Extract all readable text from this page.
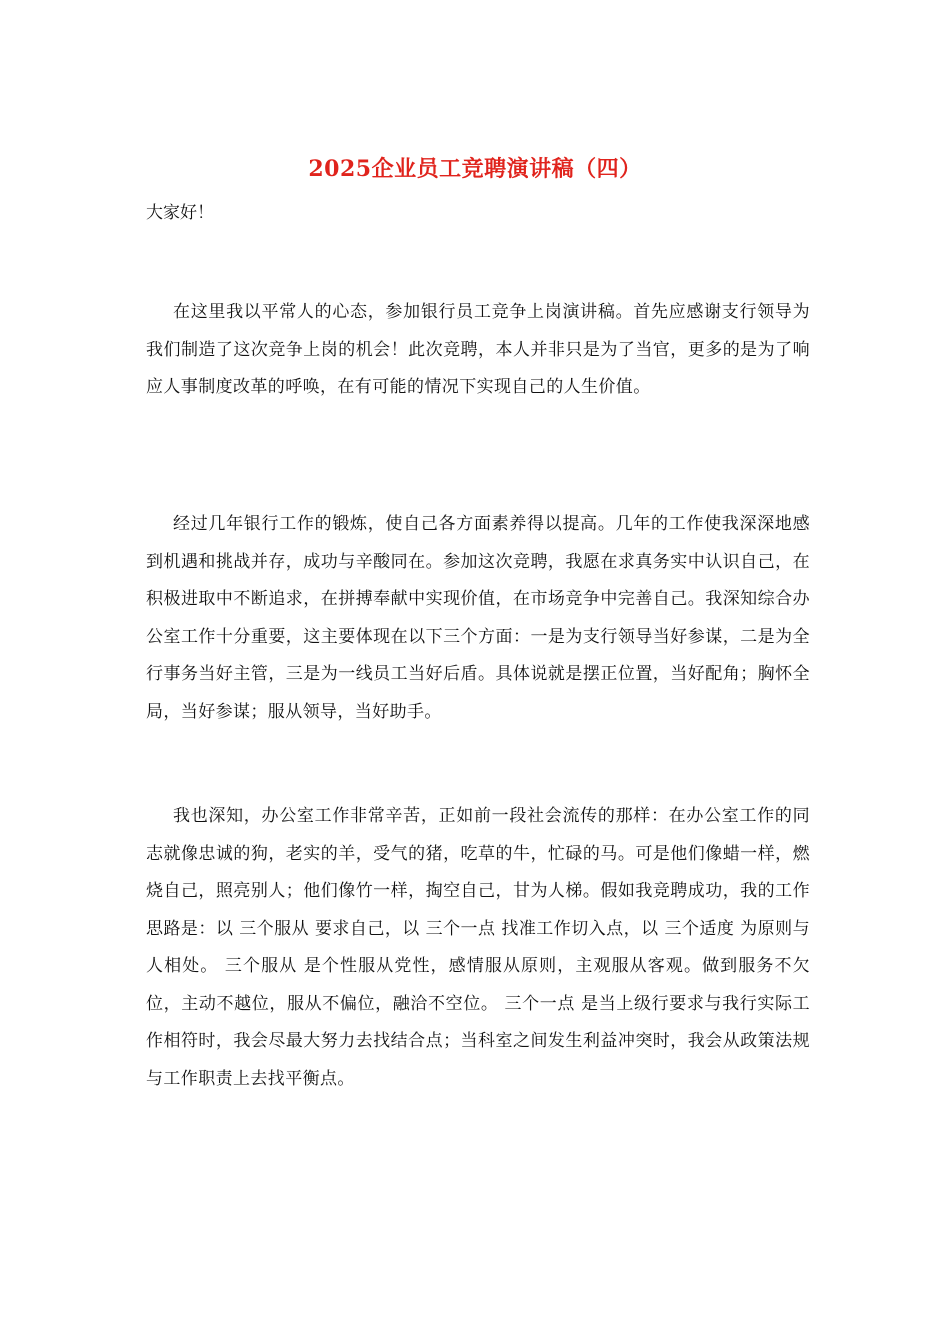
2025企业员工竞聘演讲稿（四）
大家好！

在这里我以平常人的心态，参加银行员工竞争上岗演讲稿。首先应感谢支行领导为我们制造了这次竞争上岗的机会！此次竞聘，本人并非只是为了当官，更多的是为了响应人事制度改革的呼唤，在有可能的情况下实现自己的人生价值。

经过几年银行工作的锻炼，使自己各方面素养得以提高。几年的工作使我深深地感到机遇和挑战并存，成功与辛酸同在。参加这次竞聘，我愿在求真务实中认识自己，在积极进取中不断追求，在拼搏奉献中实现价值，在市场竞争中完善自己。我深知综合办公室工作十分重要，这主要体现在以下三个方面：一是为支行领导当好参谋，二是为全行事务当好主管，三是为一线员工当好后盾。具体说就是摆正位置，当好配角；胸怀全局，当好参谋；服从领导，当好助手。

我也深知，办公室工作非常辛苦，正如前一段社会流传的那样：在办公室工作的同志就像忠诚的狗，老实的羊，受气的猪，吃草的牛，忙碌的马。可是他们像蜡一样，燃烧自己，照亮别人；他们像竹一样，掏空自己，甘为人梯。假如我竞聘成功，我的工作思路是：以 三个服从 要求自己，以 三个一点 找准工作切入点，以 三个适度 为原则与人相处。 三个服从 是个性服从党性，感情服从原则，主观服从客观。做到服务不欠位，主动不越位，服从不偏位，融洽不空位。 三个一点 是当上级行要求与我行实际工作相符时，我会尽最大努力去找结合点；当科室之间发生利益冲突时，我会从政策法规与工作职责上去找平衡点。
